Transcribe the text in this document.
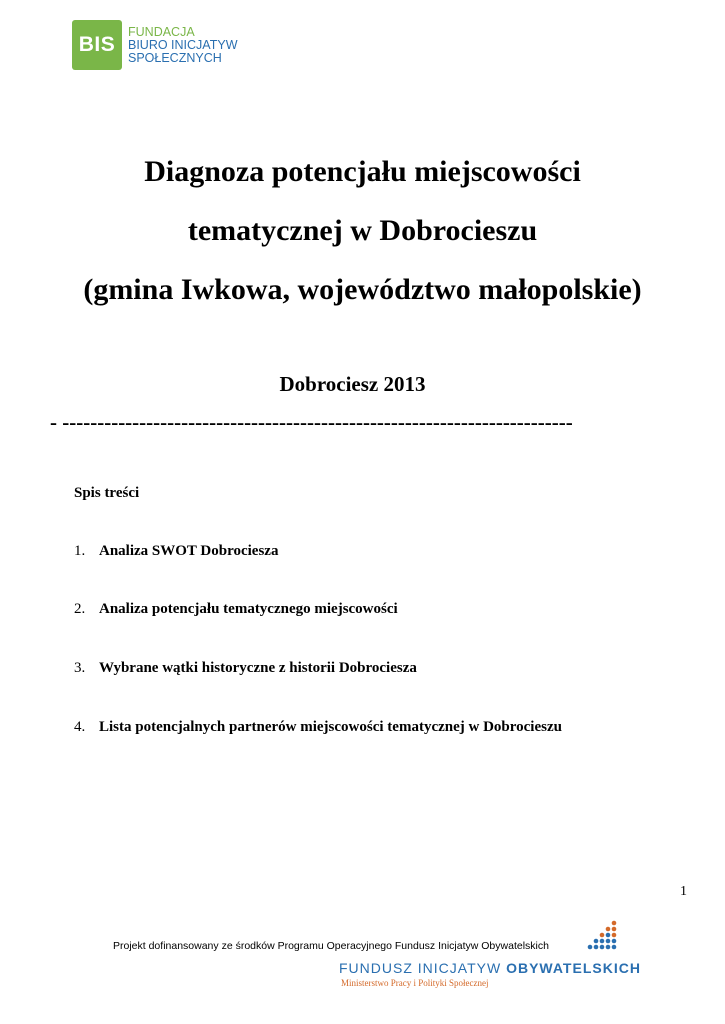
BIS
FUNDACJA
BIURO INICJATYW
SPOŁECZNYCH
Diagnoza potencjału miejscowości
tematycznej w Dobrocieszu
(gmina Iwkowa, województwo małopolskie)
Dobrociesz 2013
- -------------------------------------------------------------------------
Spis treści
1. Analiza SWOT Dobrociesza
2. Analiza potencjału tematycznego miejscowości
3. Wybrane wątki historyczne z historii Dobrociesza
4. Lista potencjalnych partnerów miejscowości tematycznej w Dobrocieszu
1
Projekt dofinansowany ze środków Programu Operacyjnego Fundusz Inicjatyw Obywatelskich
FUNDUSZ INICJATYW OBYWATELSKICH
Ministerstwo Pracy i Polityki Społecznej
